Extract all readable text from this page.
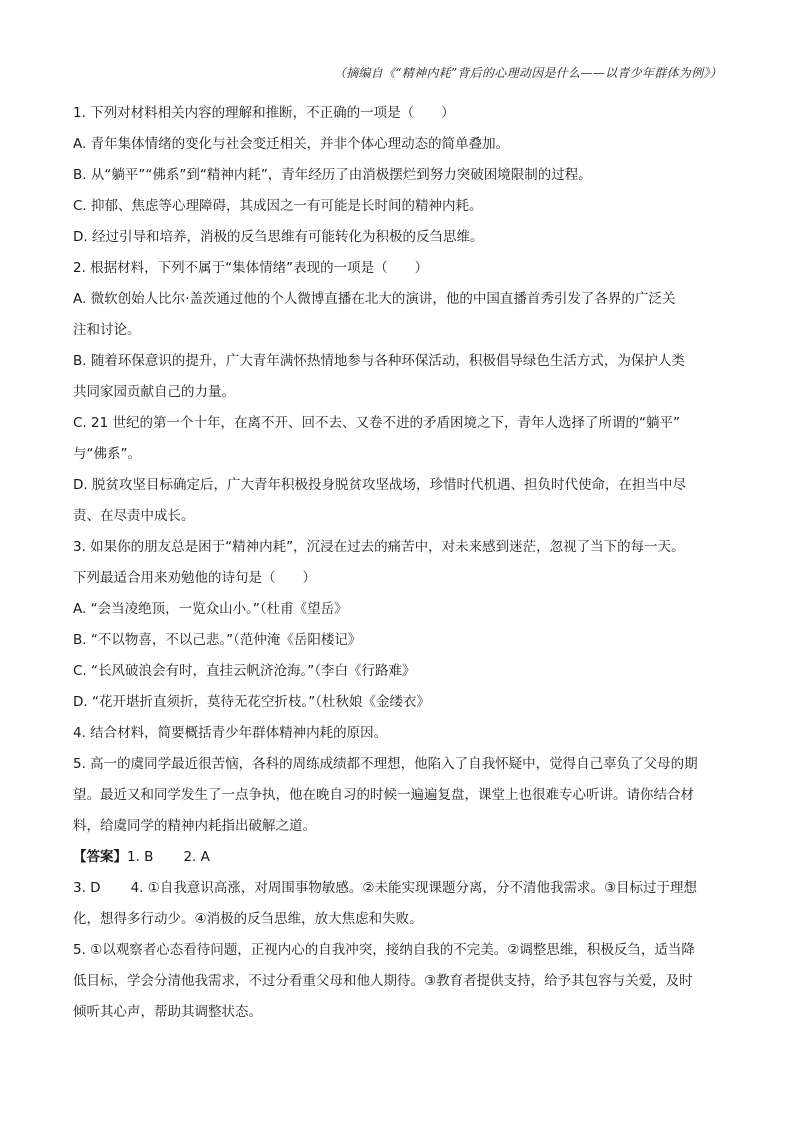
（摘编自《“精神内耗”背后的心理动因是什么——以青少年群体为例》）
1. 下列对材料相关内容的理解和推断，不正确的一项是（　　）
A. 青年集体情绪的变化与社会变迁相关，并非个体心理动态的简单叠加。
B. 从“躺平”“佛系”到“精神内耗”，青年经历了由消极摆烂到努力突破困境限制的过程。
C. 抑郁、焦虑等心理障碍，其成因之一有可能是长时间的精神内耗。
D. 经过引导和培养，消极的反刍思维有可能转化为积极的反刍思维。
2. 根据材料，下列不属于“集体情绪”表现的一项是（　　）
A. 微软创始人比尔·盖茨通过他的个人微博直播在北大的演讲，他的中国直播首秀引发了各界的广泛关
注和讨论。
B. 随着环保意识的提升，广大青年满怀热情地参与各种环保活动，积极倡导绿色生活方式，为保护人类
共同家园贡献自己的力量。
C. 21 世纪的第一个十年，在离不开、回不去、又卷不进的矛盾困境之下，青年人选择了所谓的“躺平”
与“佛系”。
D. 脱贫攻坚目标确定后，广大青年积极投身脱贫攻坚战场，珍惜时代机遇、担负时代使命，在担当中尽
责、在尽责中成长。
3. 如果你的朋友总是困于“精神内耗”，沉浸在过去的痛苦中，对未来感到迷茫，忽视了当下的每一天。
下列最适合用来劝勉他的诗句是（　　）
A. “会当凌绝顶，一览众山小。”（杜甫《望岳》
B. “不以物喜，不以己悲。”（范仲淹《岳阳楼记》
C. “长风破浪会有时，直挂云帆济沧海。”（李白《行路难》
D. “花开堪折直须折，莫待无花空折枝。”（杜秋娘《金缕衣》
4. 结合材料，简要概括青少年群体精神内耗的原因。
5. 高一的虞同学最近很苦恼，各科的周练成绩都不理想，他陷入了自我怀疑中，觉得自己辜负了父母的期
望。最近又和同学发生了一点争执，他在晚自习的时候一遍遍复盘，课堂上也很难专心听讲。请你结合材
料，给虞同学的精神内耗指出破解之道。
【答案】1. B 2. A
3. D 4. ①自我意识高涨，对周围事物敏感。②未能实现课题分离，分不清他我需求。③目标过于理想
化，想得多行动少。④消极的反刍思维，放大焦虑和失败。
5. ①以观察者心态看待问题，正视内心的自我冲突，接纳自我的不完美。②调整思维，积极反刍，适当降
低目标，学会分清他我需求，不过分看重父母和他人期待。③教育者提供支持，给予其包容与关爱，及时
倾听其心声，帮助其调整状态。
